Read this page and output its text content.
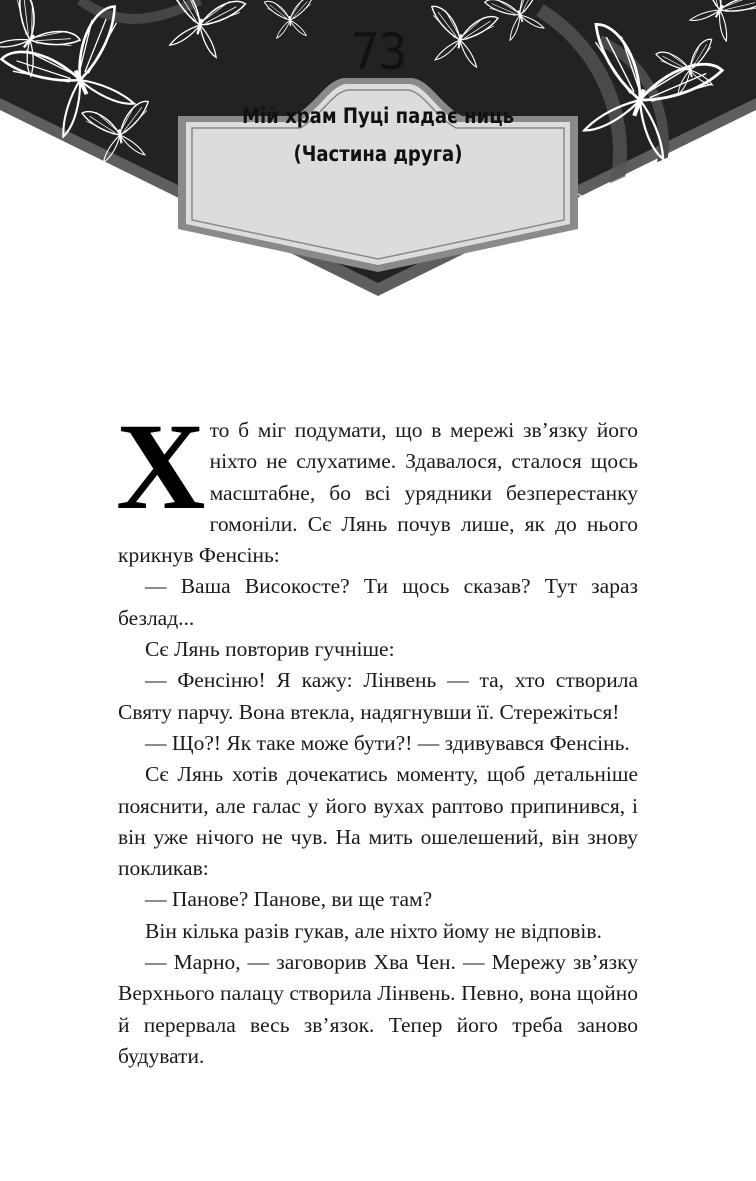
73
Мій храм Пуці падає ниць
(Частина друга)

Хто б міг подумати, що в мережі зв’язку його ніхто не слухатиме. Здавалося, сталося щось масштабне, бо всі урядники безперестанку гомоніли. Сє Лянь почув лише, як до нього крикнув Фенсінь:

— Ваша Високосте? Ти щось сказав? Тут зараз безлад...

Сє Лянь повторив гучніше:

— Фенсіню! Я кажу: Лінвень — та, хто створила Святу парчу. Вона втекла, надягнувши її. Стережіться!

— Що?! Як таке може бути?! — здивувався Фенсінь.

Сє Лянь хотів дочекатись моменту, щоб детальніше пояснити, але галас у його вухах раптово припинився, і він уже нічого не чув. На мить ошелешений, він знову покликав:

— Панове? Панове, ви ще там?

Він кілька разів гукав, але ніхто йому не відповів.

— Марно, — заговорив Хва Чен. — Мережу зв’язку Верхнього палацу створила Лінвень. Певно, вона щойно й перервала весь зв’язок. Тепер його треба заново будувати.
